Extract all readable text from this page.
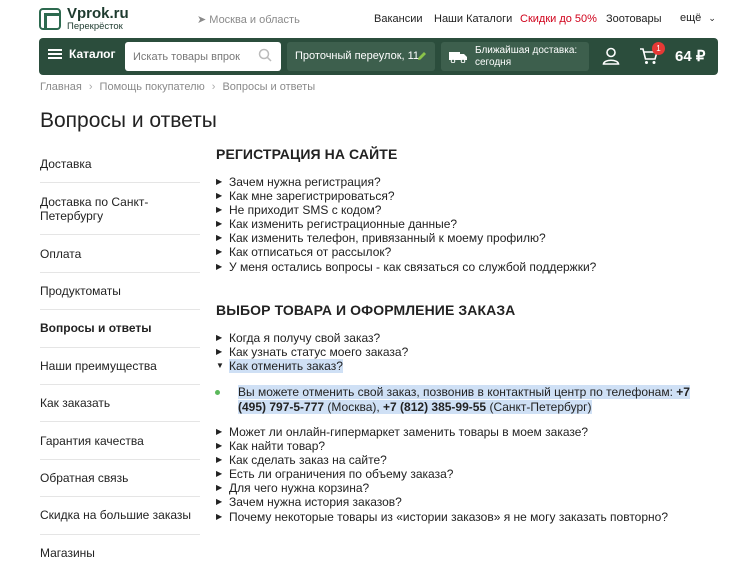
Vprok.ru
Перекрёсток
➤ Москва и область	Вакансии Наши Каталоги Скидки до 50% Зоотовары ещё ⌄
Каталог
Искать товары впрок	Проточный переулок, 11	Ближайшая доставка:
сегодня
1 64 ₽
Главная › Помощь покупателю › Вопросы и ответы
Вопросы и ответы
Доставка
Доставка по Санкт-Петербургу
Оплата
Продуктоматы
Вопросы и ответы
Наши преимущества
Как заказать
Гарантия качества
Обратная связь
Скидка на большие заказы
Магазины
РЕГИСТРАЦИЯ НА САЙТЕ
▶ Зачем нужна регистрация?
▶ Как мне зарегистрироваться?
▶ Не приходит SMS с кодом?
▶ Как изменить регистрационные данные?
▶ Как изменить телефон, привязанный к моему профилю?
▶ Как отписаться от рассылок?
▶ У меня остались вопросы - как связаться со службой поддержки?
ВЫБОР ТОВАРА И ОФОРМЛЕНИЕ ЗАКАЗА
▶ Когда я получу свой заказ?
▶ Как узнать статус моего заказа?
▼ Как отменить заказ?
Вы можете отменить свой заказ, позвонив в контактный центр по телефонам: +7 (495) 797-5-777 (Москва), +7 (812) 385-99-55 (Санкт-Петербург)
▶ Может ли онлайн-гипермаркет заменить товары в моем заказе?
▶ Как найти товар?
▶ Как сделать заказ на сайте?
▶ Есть ли ограничения по объему заказа?
▶ Для чего нужна корзина?
▶ Зачем нужна история заказов?
▶ Почему некоторые товары из «истории заказов» я не могу заказать повторно?
